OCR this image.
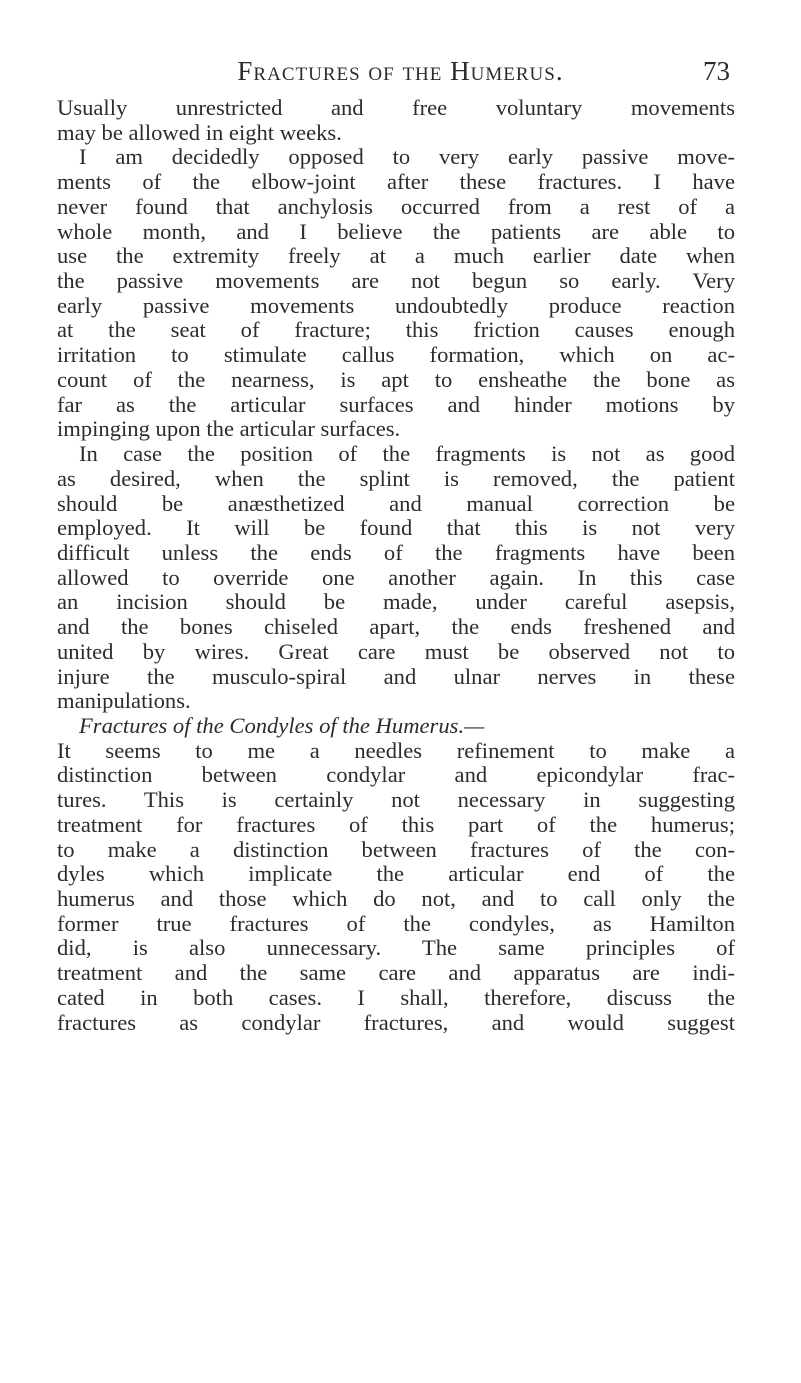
Fractures of the Humerus.	73
Usually unrestricted and free voluntary movements
may be allowed in eight weeks.
I am decidedly opposed to very early passive move-
ments of the elbow-joint after these fractures. I have
never found that anchylosis occurred from a rest of a
whole month, and I believe the patients are able to
use the extremity freely at a much earlier date when
the passive movements are not begun so early. Very
early passive movements undoubtedly produce reaction
at the seat of fracture; this friction causes enough
irritation to stimulate callus formation, which on ac-
count of the nearness, is apt to ensheathe the bone as
far as the articular surfaces and hinder motions by
impinging upon the articular surfaces.
In case the position of the fragments is not as good
as desired, when the splint is removed, the patient
should be anæsthetized and manual correction be
employed. It will be found that this is not very
difficult unless the ends of the fragments have been
allowed to override one another again. In this case
an incision should be made, under careful asepsis,
and the bones chiseled apart, the ends freshened and
united by wires. Great care must be observed not to
injure the musculo-spiral and ulnar nerves in these
manipulations.
Fractures of the Condyles of the Humerus.—
It seems to me a needles refinement to make a
distinction between condylar and epicondylar frac-
tures. This is certainly not necessary in suggesting
treatment for fractures of this part of the humerus;
to make a distinction between fractures of the con-
dyles which implicate the articular end of the
humerus and those which do not, and to call only the
former true fractures of the condyles, as Hamilton
did, is also unnecessary. The same principles of
treatment and the same care and apparatus are indi-
cated in both cases. I shall, therefore, discuss the
fractures as condylar fractures, and would suggest
